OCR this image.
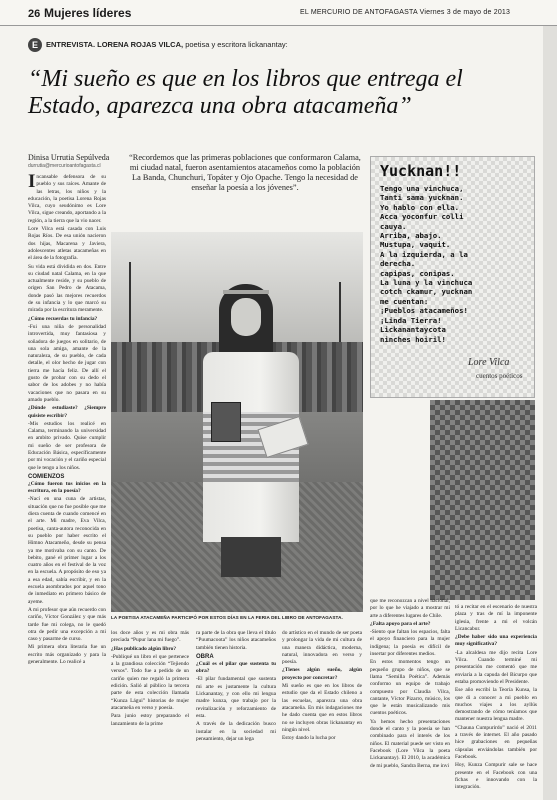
26 Mujeres líderes	EL MERCURIO DE ANTOFAGASTA Viernes 3 de mayo de 2013
E	ENTREVISTA. LORENA ROJAS VILCA, poetisa y escritora lickanantay:
“Mi sueño es que en los libros que entrega el Estado, aparezca una obra atacameña”
Dinisa Urrutia Sepúlveda
durrutia@mercurioantofagasta.cl

Incansable defensora de su pueblo y sus raíces. Amante de las letras, los niños y la educación, la poetisa Lorena Rojas Vilca, cuyo seudónimo es Lore Vilca, sigue creando, aportando a la región, a la tierra que la vio nacer.

Lore Vilca está casada con Luis Rojas Ríos. De esa unión nacieron dos hijas, Macarena y Javiera, adolescentes atletas atacameñas en el área de la fotografía.

Su vida está dividida en dos. Entre su ciudad natal Calama, en la que actualmente reside, y su pueblo de origen San Pedro de Atacama, donde pasó las mejores recuerdos de su infancia y lo que marcó su mirada por la escritura meramente.

¿Cómo recuerdas tu infancia?

-Fui una niña de personalidad introvertida, muy fantasiosa y soñadora de juegos en solitario, de una sola amiga, amante de la naturaleza, de su pueblo, de cada detalle, el olor hecho de jugar con tierra me hacía feliz. De allí el gusto de probar con su dedo el sabor de los adobes y no había vacaciones que no pasara en su amado pueblo.

¿Dónde estudiaste? ¿Siempre quisiste escribir?

-Mis estudios los realicé en Calama, terminando la universidad en ambito privado. Quise cumplir mi sueño de ser profesora de Educación Básica, específicamente por mi vocación y el cariño especial que le tengo a los niños.

COMIENZOS

¿Cómo fueron tus inicios en la escritura, en la poesía?

-Nací en una cuna de artistas, situación que no fue posible que me diera cuenta de cuando comencé en el arte. Mi madre, Eva Vilca, poetisa, canta-autora reconocida en su pueblo por haber escrito el Himno Atacameño, desde su pensa ya me motivaba con su canto. De bebito, gané el primer lugar a los cuatro años en el festival de la voz en la escuela. A propósito de eso ya a esa edad, sabía escribir, y en la escuela asombrados por aquel tono de inmediato en primero básico de ayeme.

A mi profesor que aún recuerdo con cariño, Víctor González y que más tarde fue mi colega, no le quedó otra de pedir una excepción a mi caso y pasarme de curso.

Mi primera obra literaria fue un escrito más organizado y para la generalmente. Lo realicé a

“Recordemos que las primeras poblaciones que conformaron Calama, mi ciudad natal, fueron asentamientos atacameños como la población La Banda, Chunchuri, Topáter y Ojo Opache. Tengo la necesidad de enseñar la poesía a los jóvenes”.
LA POETISA ATACAMEÑA PARTICIPÓ POR ESTOS DÍAS EN LA FERIA DEL LIBRO DE ANTOFAGASTA.
Yucknan!!
Tengo una vinchuca,
Tanti sama yucknan.
Yo hablo con ella.
Acca yoconfur colli
cauya.
Arriba, abajo.
Mustupa, vaquit.
A la izquierda, a la
derecha.
capipas, conipas.
La luna y la vinchuca
cotch ckamur, yucknan
me cuentan:
¡Pueblos atacameños!
¡Linda Tierra!
Lickanantaycota
ninches hoiril!
Lore Vilca
cuentos poéticos

los doce años y es mi obra más preciada “Pupur lana mi fuego”.

¿Has publicado algún libro?

-Publiqué un libro el que pertenece a la grandiosa colección “Tejiendo versos”. Todo fue a pedido de un cariño quien me regaló la primera edición. Salió al público la tercera parte de esta colección llamada “Kunza Lágui” historias de mujer atacameña en verso y poesía.

Para junio estoy preparando el lanzamiento de la prime

ra parte de la obra que lleva el título “Puumacoota” los niños atacameños también tienen historia.

OBRA

¿Cuál es el pilar que sustenta tu obra?

-El pilar fundamental que sustenta mi arte es justamente la cultura Lickanantay, y con ello mi lengua madre kunza, que trabajo por la revitalización y reforzamiento de esta.

A través de la dedicación busco instalar en la sociedad mi pensamiento, dejar un lega

do artístico en el mundo de ser poeta y prolongar la vida de mi cultura de una manera didáctica, moderna, natural, innovadora en verso y poesía.

¿Tienes algún sueño, algún proyecto por concretar?

Mi sueño es que en los libros de estudio que da el Estado chileno a las escuelas, aparezca una obra atacameña. En mis indagaciones me he dado cuenta que en estos libros no se incluyen obras lickanantay en ningún nivel.

Estoy dando la lucha por

que me reconozcan a nivel nacional, por lo que he viajado a mostrar mi arte a diferentes lugares de Chile.

¿Falta apoyo para el arte?

-Siento que faltan los espacios, falta el apoyo financiero para la mujer indígena; la poesía es difícil de insertar por diferentes medios.

En estos momentos tengo un pequeño grupo de niños, que se llama “Semilla Poética”. Además conformo un equipo de trabajo compuesto por Claudia Vilca, cantante, Víctor Pizarro, músico, los que le están musicalizando mis cuentos poéticos.

Ya hemos hecho presentaciones donde el canto y la poesía se han combinado para el interés de los niños. El material puede ser visto en Facebook (Lore Vilca la poeta Lickanantay). El 2010, la académica de mi pueblo, Sandra Berna, me invi

tó a recitar en el escenario de nuestra plaza y tras de mí la imponente iglesia, frente a mi el volcán Licancabur.

¿Debe haber sido una experiencia muy significativa?

-La alcaldesa me dijo recita Lore Vilca. Cuando terminé mi presentación me comentó que me enviaría a la capuda del Bicurpo que estaba promoviendo el Presidente.

Ese año escribí la Teoría Kunsa, la que di a conocer a mi pueblo en muchos viajes a los ayllús demostrando de cómo teníamos que mantener nuestra lengua madre.

“Chauna Cumpurirdo” nació el 2011 a través de internet. El año pasado hice grabaciones en pequeñas cápsulas enviándolas también por Facebook.

Hoy, Kunza Compurir sale se hace presente en el Facebook con una fichas e innovando con la integración.
